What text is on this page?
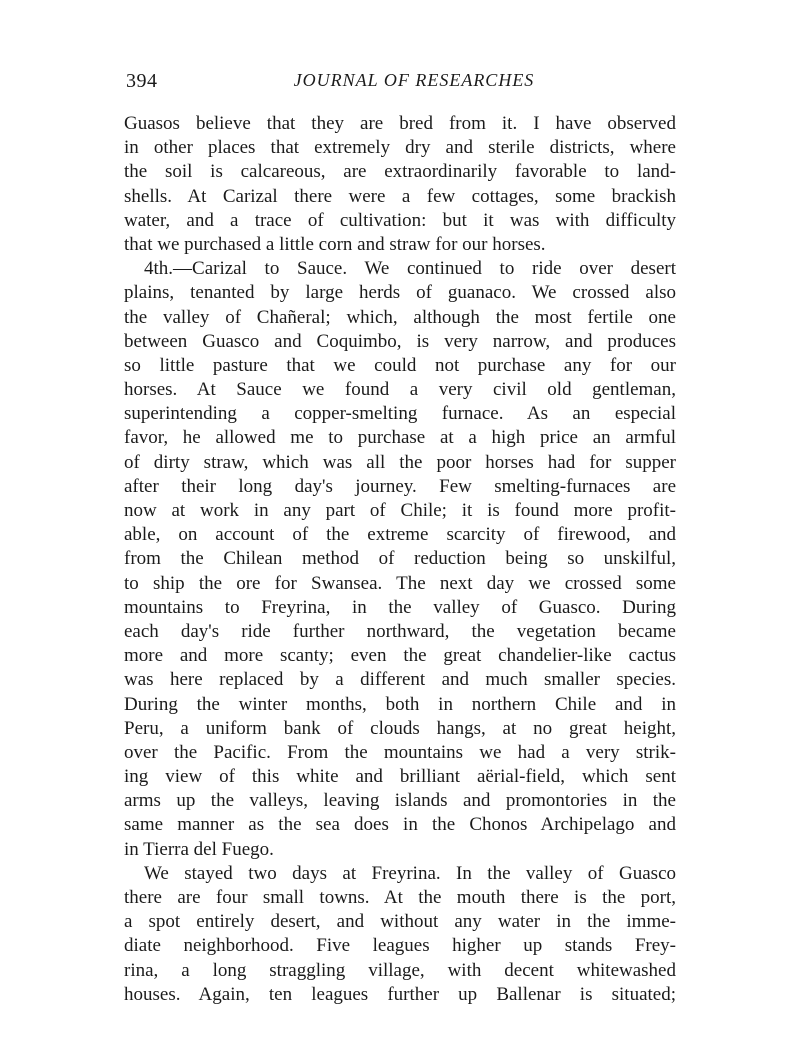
394	JOURNAL OF RESEARCHES
Guasos believe that they are bred from it. I have observed
in other places that extremely dry and sterile districts, where
the soil is calcareous, are extraordinarily favorable to land-
shells. At Carizal there were a few cottages, some brackish
water, and a trace of cultivation: but it was with difficulty
that we purchased a little corn and straw for our horses.
4th.—Carizal to Sauce. We continued to ride over desert
plains, tenanted by large herds of guanaco. We crossed also
the valley of Chañeral; which, although the most fertile one
between Guasco and Coquimbo, is very narrow, and produces
so little pasture that we could not purchase any for our
horses. At Sauce we found a very civil old gentleman,
superintending a copper-smelting furnace. As an especial
favor, he allowed me to purchase at a high price an armful
of dirty straw, which was all the poor horses had for supper
after their long day's journey. Few smelting-furnaces are
now at work in any part of Chile; it is found more profit-
able, on account of the extreme scarcity of firewood, and
from the Chilean method of reduction being so unskilful,
to ship the ore for Swansea. The next day we crossed some
mountains to Freyrina, in the valley of Guasco. During
each day's ride further northward, the vegetation became
more and more scanty; even the great chandelier-like cactus
was here replaced by a different and much smaller species.
During the winter months, both in northern Chile and in
Peru, a uniform bank of clouds hangs, at no great height,
over the Pacific. From the mountains we had a very strik-
ing view of this white and brilliant aërial-field, which sent
arms up the valleys, leaving islands and promontories in the
same manner as the sea does in the Chonos Archipelago and
in Tierra del Fuego.
We stayed two days at Freyrina. In the valley of Guasco
there are four small towns. At the mouth there is the port,
a spot entirely desert, and without any water in the imme-
diate neighborhood. Five leagues higher up stands Frey-
rina, a long straggling village, with decent whitewashed
houses. Again, ten leagues further up Ballenar is situated;
